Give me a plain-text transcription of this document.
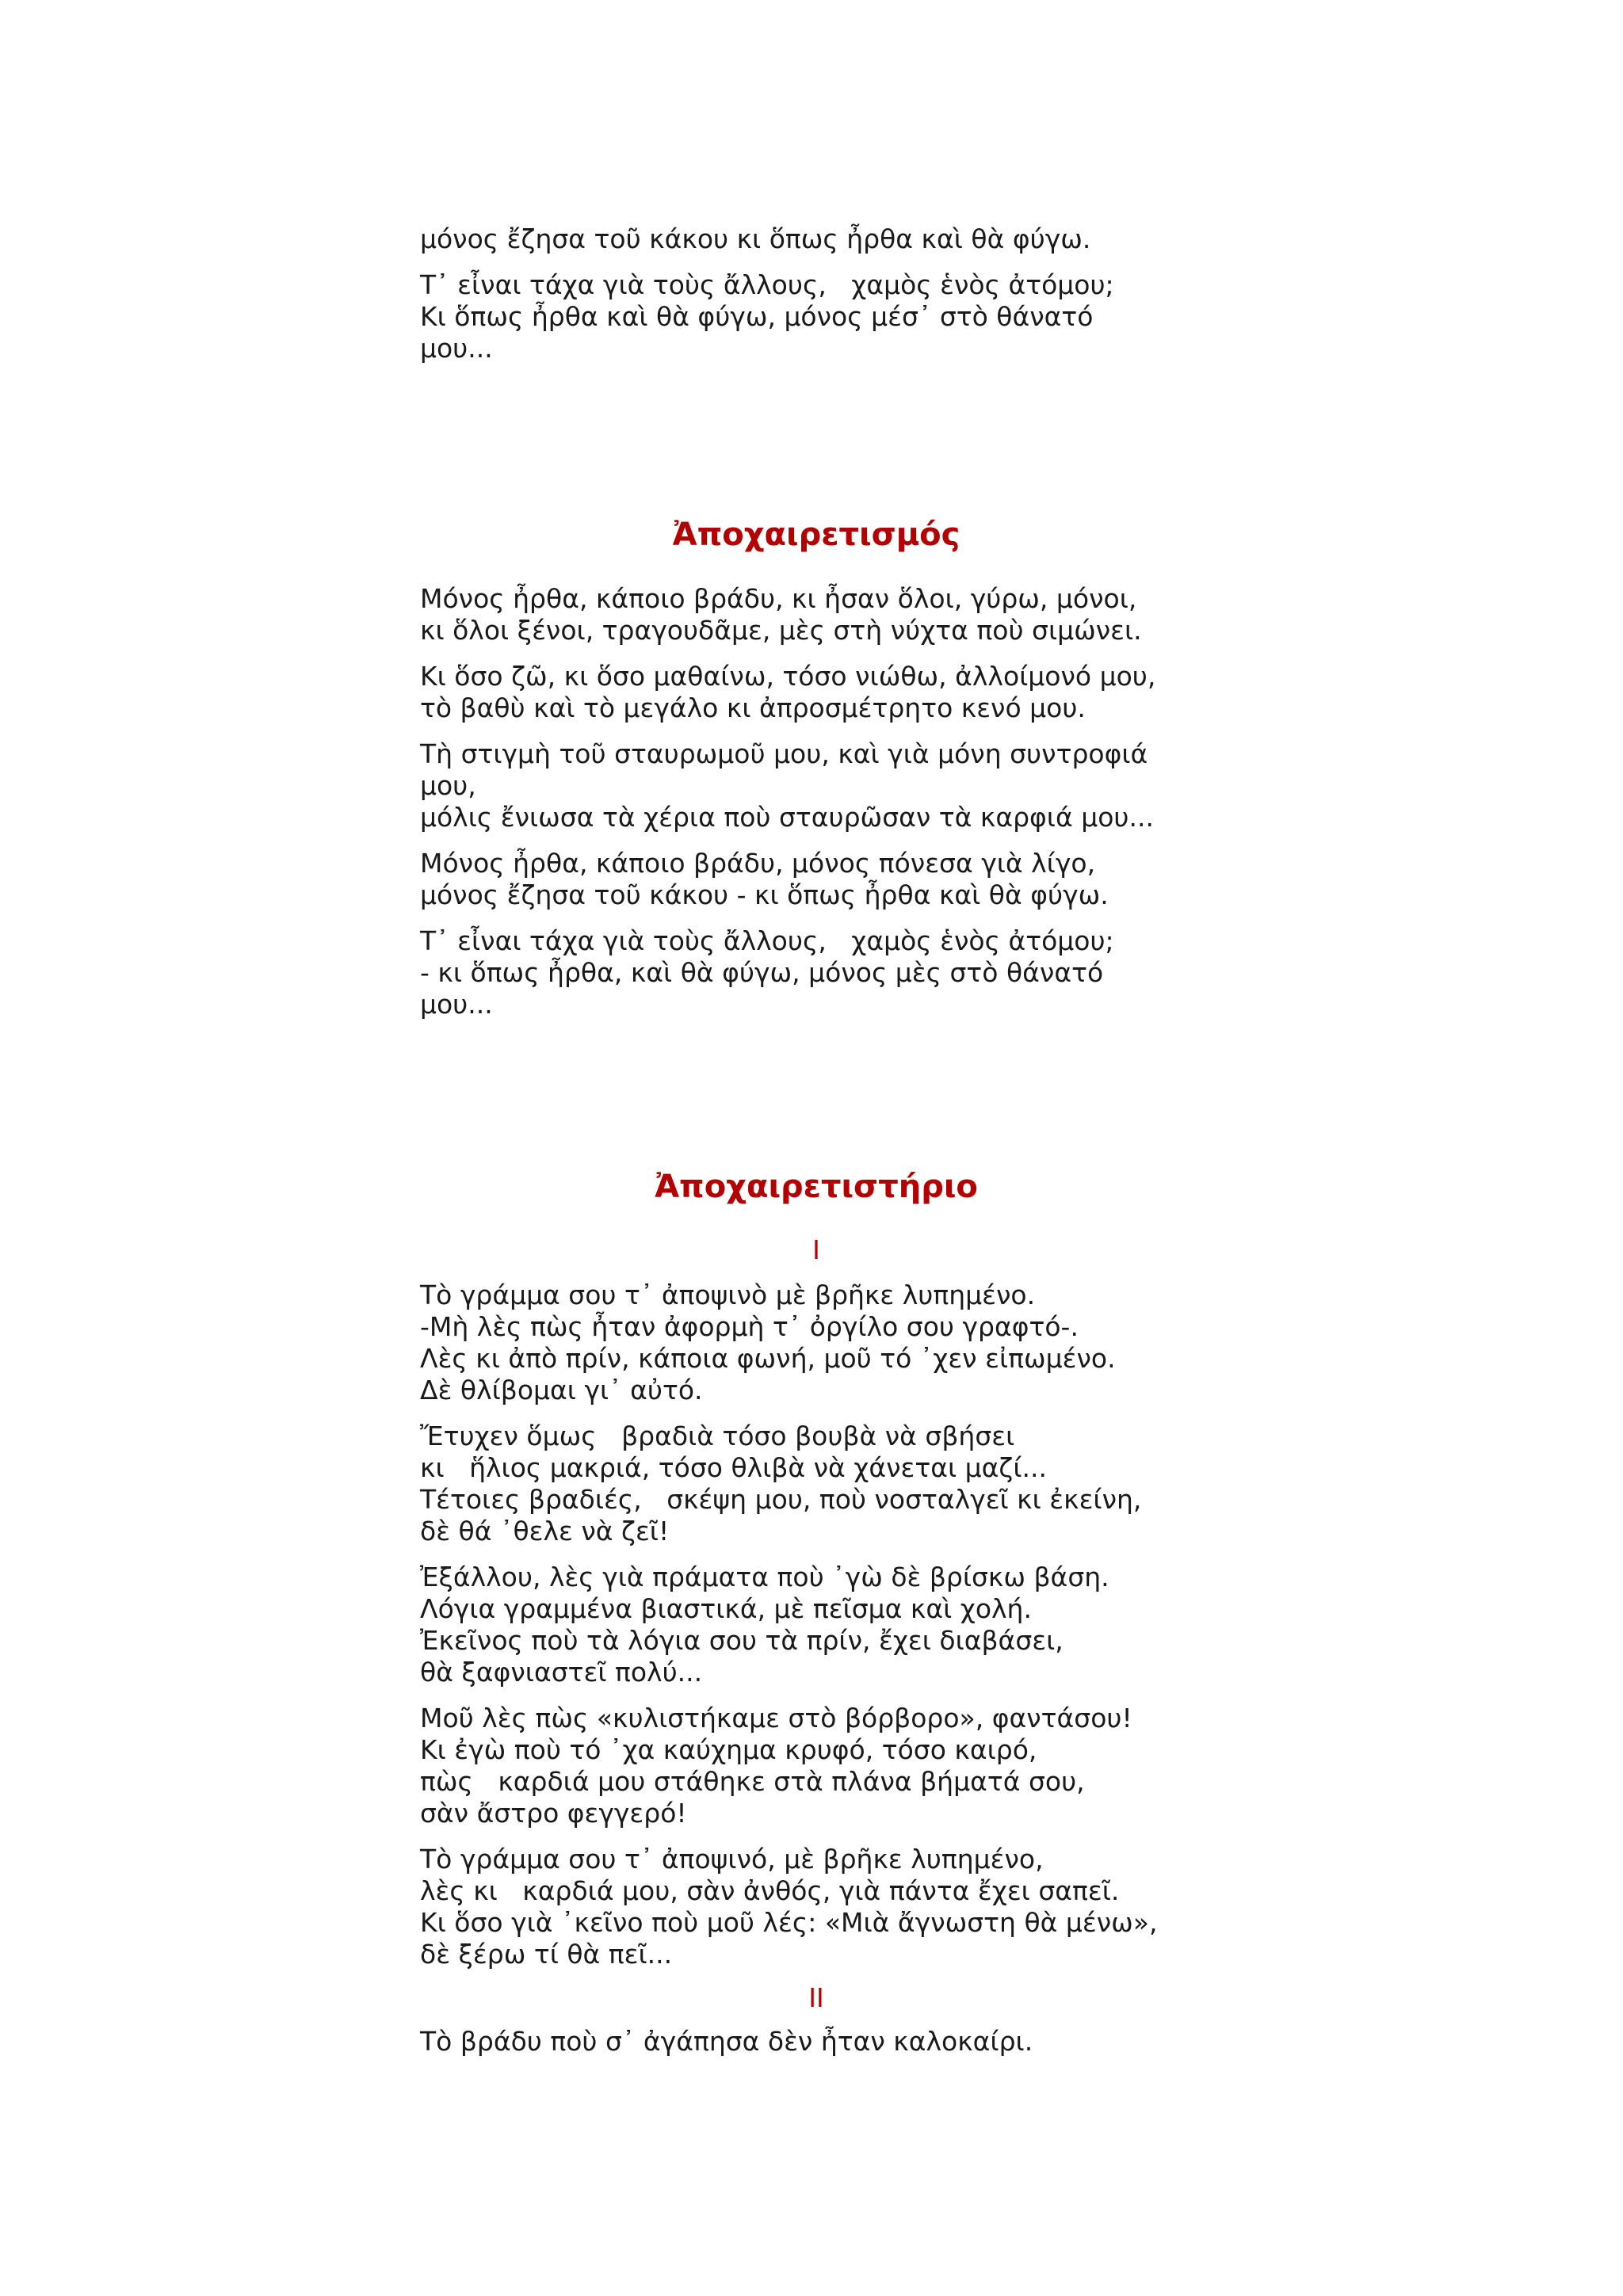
μόνος ἔζησα τοῦ κάκου κι ὅπως ἦρθα καὶ θὰ φύγω.

Τ᾽ εἶναι τάχα γιὰ τοὺς ἄλλους,   χαμὸς ἑνὸς ἀτόμου;
Κι ὅπως ἦρθα καὶ θὰ φύγω, μόνος μέσ᾽ στὸ θάνατό
μου...

Ἀποχαιρετισμός

Μόνος ἦρθα, κάποιο βράδυ, κι ἦσαν ὅλοι, γύρω, μόνοι,
κι ὅλοι ξένοι, τραγουδᾶμε, μὲς στὴ νύχτα ποὺ σιμώνει.

Κι ὅσο ζῶ, κι ὅσο μαθαίνω, τόσο νιώθω, ἀλλοίμονό μου,
τὸ βαθὺ καὶ τὸ μεγάλο κι ἀπροσμέτρητο κενό μου.

Τὴ στιγμὴ τοῦ σταυρωμοῦ μου, καὶ γιὰ μόνη συντροφιά
μου,
μόλις ἔνιωσα τὰ χέρια ποὺ σταυρῶσαν τὰ καρφιά μου...

Μόνος ἦρθα, κάποιο βράδυ, μόνος πόνεσα γιὰ λίγο,
μόνος ἔζησα τοῦ κάκου - κι ὅπως ἦρθα καὶ θὰ φύγω.

Τ᾽ εἶναι τάχα γιὰ τοὺς ἄλλους,   χαμὸς ἑνὸς ἀτόμου;
- κι ὅπως ἦρθα, καὶ θὰ φύγω, μόνος μὲς στὸ θάνατό
μου...

Ἀποχαιρετιστήριο
I

Τὸ γράμμα σου τ᾽ ἀποψινὸ μὲ βρῆκε λυπημένο.
-Μὴ λὲς πὼς ἦταν ἀφορμὴ τ᾽ ὀργίλο σου γραφτό-.
Λὲς κι ἀπὸ πρίν, κάποια φωνή, μοῦ τό ᾽χεν εἰπωμένο.
Δὲ θλίβομαι γι᾽ αὐτό.

Ἔτυχεν ὅμως   βραδιὰ τόσο βουβὰ νὰ σβήσει
κι   ἥλιος μακριά, τόσο θλιβὰ νὰ χάνεται μαζί...
Τέτοιες βραδιές,   σκέψη μου, ποὺ νοσταλγεῖ κι ἐκείνη,
δὲ θά ᾽θελε νὰ ζεῖ!

Ἐξάλλου, λὲς γιὰ πράματα ποὺ ᾽γὼ δὲ βρίσκω βάση.
Λόγια γραμμένα βιαστικά, μὲ πεῖσμα καὶ χολή.
Ἐκεῖνος ποὺ τὰ λόγια σου τὰ πρίν, ἔχει διαβάσει,
θὰ ξαφνιαστεῖ πολύ...

Μοῦ λὲς πὼς «κυλιστήκαμε στὸ βόρβορο», φαντάσου!
Κι ἐγὼ ποὺ τό ᾽χα καύχημα κρυφό, τόσο καιρό,
πὼς   καρδιά μου στάθηκε στὰ πλάνα βήματά σου,
σὰν ἄστρο φεγγερό!

Τὸ γράμμα σου τ᾽ ἀποψινό, μὲ βρῆκε λυπημένο,
λὲς κι   καρδιά μου, σὰν ἀνθός, γιὰ πάντα ἔχει σαπεῖ.
Κι ὅσο γιὰ ᾽κεῖνο ποὺ μοῦ λές: «Μιὰ ἄγνωστη θὰ μένω»,
δὲ ξέρω τί θὰ πεῖ...

II

Τὸ βράδυ ποὺ σ᾽ ἀγάπησα δὲν ἦταν καλοκαίρι.
